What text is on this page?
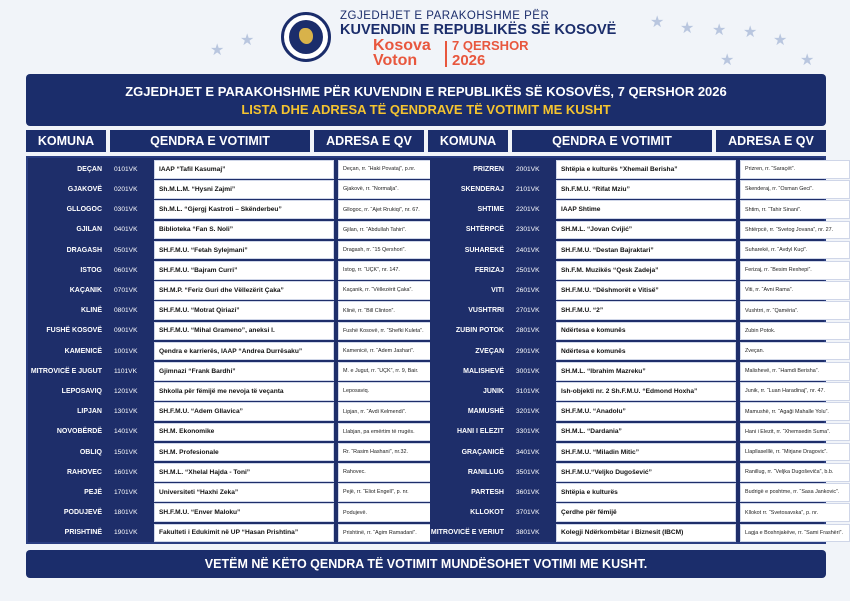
★
★
★ ★ ★ ★ ★
★
★
ZGJEDHJET E PARAKOHSHME PËR
KUVENDIN E REPUBLIKËS SË KOSOVË
Kosova
Voton
7 QERSHOR
2026
ZGJEDHJET E PARAKOHSHME PËR KUVENDIN E REPUBLIKËS SË KOSOVËS, 7 QERSHOR 2026
LISTA DHE ADRESA TË QENDRAVE TË VOTIMIT ME KUSHT
KOMUNA	QENDRA E VOTIMIT	ADRESA E QV	KOMUNA	QENDRA E VOTIMIT	ADRESA E QV
DEÇAN	0101VK	IAAP “Tafil Kasumaj”	Deçan, rr. “Haki Povataj”, p.nr.
GJAKOVË	0201VK	Sh.M.L.M. “Hysni Zajmi”	Gjakovë, rr. “Normalja”.
GLLOGOC	0301VK	Sh.M.L. “Gjergj Kastroti – Skënderbeu”	Gllogoc, rr. “Ajet Rrukiqi”, nr. 67.
GJILAN	0401VK	Biblioteka “Fan S. Noli”	Gjilan, rr. “Abdullah Tahiri”.
DRAGASH	0501VK	SH.F.M.U. “Fetah Sylejmani”	Dragash, rr. “15 Qershori”.
ISTOG	0601VK	SH.F.M.U. “Bajram Curri”	Istog, rr. “UÇK”, nr. 147.
KAÇANIK	0701VK	SH.M.P. “Feriz Guri dhe Vëllezërit Çaka”	Kaçanik, rr. “Vëllezërit Çaka”.
KLINË	0801VK	SH.F.M.U. “Motrat Qiriazi”	Klinë, rr. “Bill Clinton”.
FUSHË KOSOVË	0901VK	SH.F.M.U. “Mihal Grameno”, aneksi I.	Fushë Kosovë, rr. “Shefki Kuleta”.
KAMENICË	1001VK	Qendra e karrierës, IAAP “Andrea Durrësaku”	Kamenicë, rr. “Adem Jashari”.
MITROVICË E JUGUT	1101VK	Gjimnazi “Frank Bardhi”	M. e Jugut, rr. “UÇK”, rr. 9, Bair.
LEPOSAVIQ	1201VK	Shkolla për fëmijë me nevoja të veçanta	Leposaviq.
LIPJAN	1301VK	SH.F.M.U. “Adem Gllavica”	Lipjan, rr. “Avdi Kelmendi”.
NOVOBËRDË	1401VK	SH.M. Ekonomike	Llabjan, pa emërtim të rrugës.
OBLIQ	1501VK	SH.M. Profesionale	Rr. “Rasim Hashani”, nr.32.
RAHOVEC	1601VK	SH.M.L. “Xhelal Hajda - Toni”	Rahovec.
PEJË	1701VK	Universiteti “Haxhi Zeka”	Pejë, rr. “Eliot Engell”, p. nr.
PODUJEVË	1801VK	SH.F.M.U. “Enver Maloku”	Podujevë.
PRISHTINË	1901VK	Fakulteti i Edukimit në UP “Hasan Prishtina”	Prishtinë, rr. “Agim Ramadani”.
PRIZREN	2001VK	Shtëpia e kulturës “Xhemail Berisha”	Prizren, rr. “Saraçët”.
SKENDERAJ	2101VK	Sh.F.M.U. “Rifat Mziu”	Skenderaj, rr. “Osman Geci”.
SHTIME	2201VK	IAAP Shtime	Shtim, rr. “Tahir Sinani”.
SHTËRPCË	2301VK	SH.M.L. “Jovan Cvijić”	Shtërpcë, rr. “Svetog Jovana”, nr. 27.
SUHAREKË	2401VK	SH.F.M.U. “Destan Bajraktari”	Suharekë, rr. “Avdyl Kuçi”.
FERIZAJ	2501VK	Sh.F.M. Muzikës “Qesk Zadeja”	Ferizaj, rr. “Besim Rexhepi”.
VITI	2601VK	SH.F.M.U. “Dëshmorët e Vitisë”	Viti, rr. “Avni Rama”.
VUSHTRRI	2701VK	SH.F.M.U. “2”	Vushtrri, rr. “Qamëria”.
ZUBIN POTOK	2801VK	Ndërtesa e komunës	Zubin Potok.
ZVEÇAN	2901VK	Ndërtesa e komunës	Zveçan.
MALISHEVË	3001VK	SH.M.L. “Ibrahim Mazreku”	Malishevë, rr. “Hamdi Berisha”.
JUNIK	3101VK	Ish-objekti nr. 2 Sh.F.M.U. “Edmond Hoxha”	Junik, rr. “Luan Haradinaj”, nr. 47.
MAMUSHË	3201VK	SH.F.M.U. “Anadolu”	Mamushë, rr. “Agaği Mahalle Yolu”.
HANI I ELEZIT	3301VK	SH.M.L. “Dardania”	Hani i Elezit, rr. “Xhemsedin Suma”.
GRAÇANICË	3401VK	SH.F.M.U. “Miladin Mitic”	Llapllaselllë, rr. “Mirjane Dragovic”.
RANILLUG	3501VK	SH.F.M.U.“Veljko Dugošević”	Ranillug, rr. “Veljka Dugoševiča”, b.b.
PARTESH	3601VK	Shtëpia e kulturës	Budrigë e poshtme, rr. “Sasa Jankovic”.
KLLOKOT	3701VK	Çerdhe për fëmijë	Kllokot rr. “Svetosavska”, p. nr.
MITROVICË E VERIUT	3801VK	Kolegji Ndërkombëtar i Biznesit (IBCM)	Lagja e Boshnjakëve, rr. “Sami Frashëri”.
VETËM NË KËTO QENDRA TË VOTIMIT MUNDËSOHET VOTIMI ME KUSHT.
